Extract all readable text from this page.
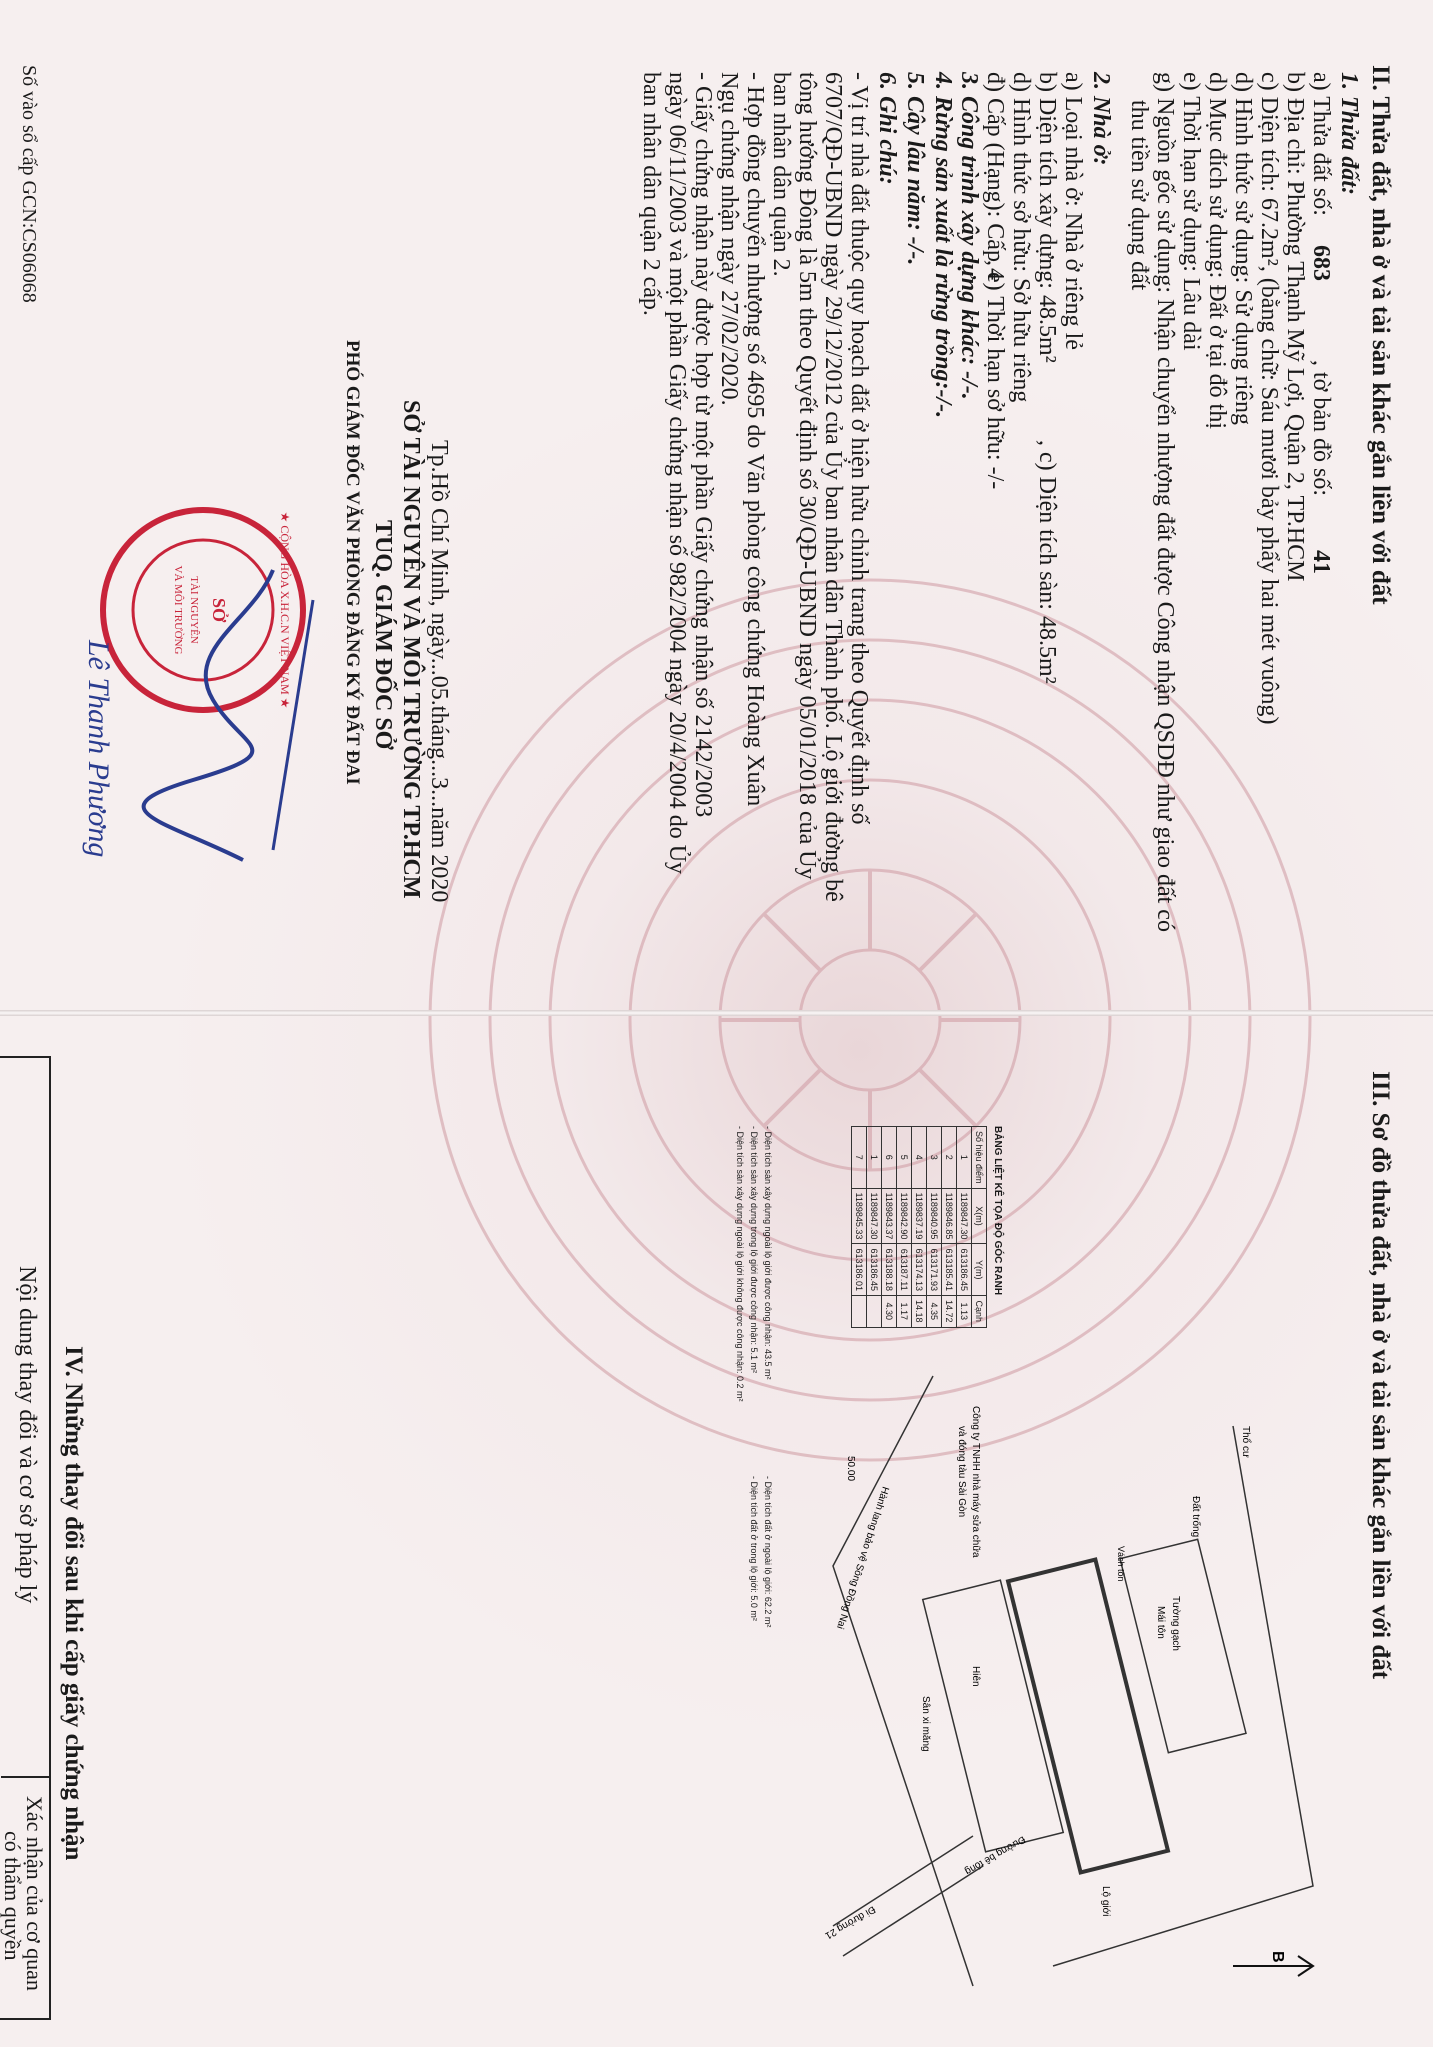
II. Thửa đất, nhà ở và tài sản khác gắn liền với đất
1. Thửa đất:
a) Thửa đất số:
683
, tờ bản đồ số:
41
b) Địa chỉ: Phường Thạnh Mỹ Lợi, Quận 2, TP.HCM
c) Diện tích: 67.2m², (bằng chữ: Sáu mươi bảy phẩy hai mét vuông)
d) Hình thức sử dụng: Sử dụng riêng
d) Mục đích sử dụng: Đất ở tại đô thị
e) Thời hạn sử dụng: Lâu dài
g) Nguồn gốc sử dụng: Nhận chuyển nhượng đất được Công nhận QSDĐ như giao đất có
thu tiền sử dụng đất
2. Nhà ở:
a) Loại nhà ở: Nhà ở riêng lẻ
b) Diện tích xây dựng: 48.5m²
, c) Diện tích sàn: 48.5m²
d) Hình thức sở hữu: Sở hữu riêng
đ) Cấp (Hạng): Cấp 4
, e) Thời hạn sở hữu: -/-
3. Công trình xây dựng khác: -/-.
4. Rừng sản xuất là rừng trồng:-/-.
5. Cây lâu năm: -/-.
6. Ghi chú:
- Vị trí nhà đất thuộc quy hoạch đất ở hiện hữu chỉnh trang theo Quyết định số
6707/QĐ-UBND ngày 29/12/2012 của Ủy ban nhân dân Thành phố. Lộ giới đường bê
tông hướng Đông là 5m theo Quyết định số 30/QĐ-UBND ngày 05/01/2018 của Ủy
ban nhân dân quận 2.
- Hợp đồng chuyển nhượng số 4695 do Văn phòng công chứng Hoàng Xuân
Ngụ chứng nhận ngày 27/02/2020.
- Giấy chứng nhận này được hợp từ một phần Giấy chứng nhận số 2142/2003
ngày 06/11/2003 và một phần Giấy chứng nhận số 982/2004 ngày 20/4/2004 do Ủy
ban nhân dân quận 2 cấp.
Tp.Hồ Chí Minh, ngày...05.tháng...3...năm 2020
SỞ TÀI NGUYÊN VÀ MÔI TRƯỜNG TP.HCM
TUQ. GIÁM ĐỐC SỞ
PHÓ GIÁM ĐỐC VĂN PHÒNG ĐĂNG KÝ ĐẤT ĐAI
SỞ
TÀI NGUYÊN
VÀ MÔI TRƯỜNG	★ CỘNG HÒA X.H.C.N VIỆT NAM ★
Lê Thanh Phương
Số vào sổ cấp GCN:CS06068
III. Sơ đồ thửa đất, nhà ở và tài sản khác gắn liền với đất
BẢNG LIỆT KÊ TỌA ĐỘ GÓC RANH
Số hiệu điểm	X(m)	Y(m)	Cạnh
1	1189847.30	613186.45	1.13
2	1189846.85	613185.41	14.72
3	1189840.95	613171.93	4.35
4	1189837.19	613174.13	14.18
5	1189842.90	613187.11	1.17
6	1189843.37	613188.18	4.30
1	1189847.30	613186.45	
7	1189845.33	613186.01	
- Diện tích sàn xây dựng ngoài lộ giới được công nhận: 43.5 m²
- Diện tích sàn xây dựng trong lộ giới được công nhận: 5.1 m²
- Diện tích sàn xây dựng ngoài lộ giới không được công nhận: 0.2 m²
- Diện tích đất ở ngoài lộ giới: 62.2 m²
- Diện tích đất ở trong lộ giới: 5.0 m²
B
Công ty TNHH nhà máy sửa chữa
và đóng tàu Sài Gòn
Hành lang bảo vệ Sông Đồng Nai
50.00
Thổ cư
Đất trống
Tường gạch
Mái tôn
Hiên
Sân xi măng
Đường bê tông
Lộ giới
Đi đường 21
Vách tôn
IV. Những thay đổi sau khi cấp giấy chứng nhận
Nội dung thay đổi và cơ sở pháp lý
Xác nhận của cơ quan
có thẩm quyền
